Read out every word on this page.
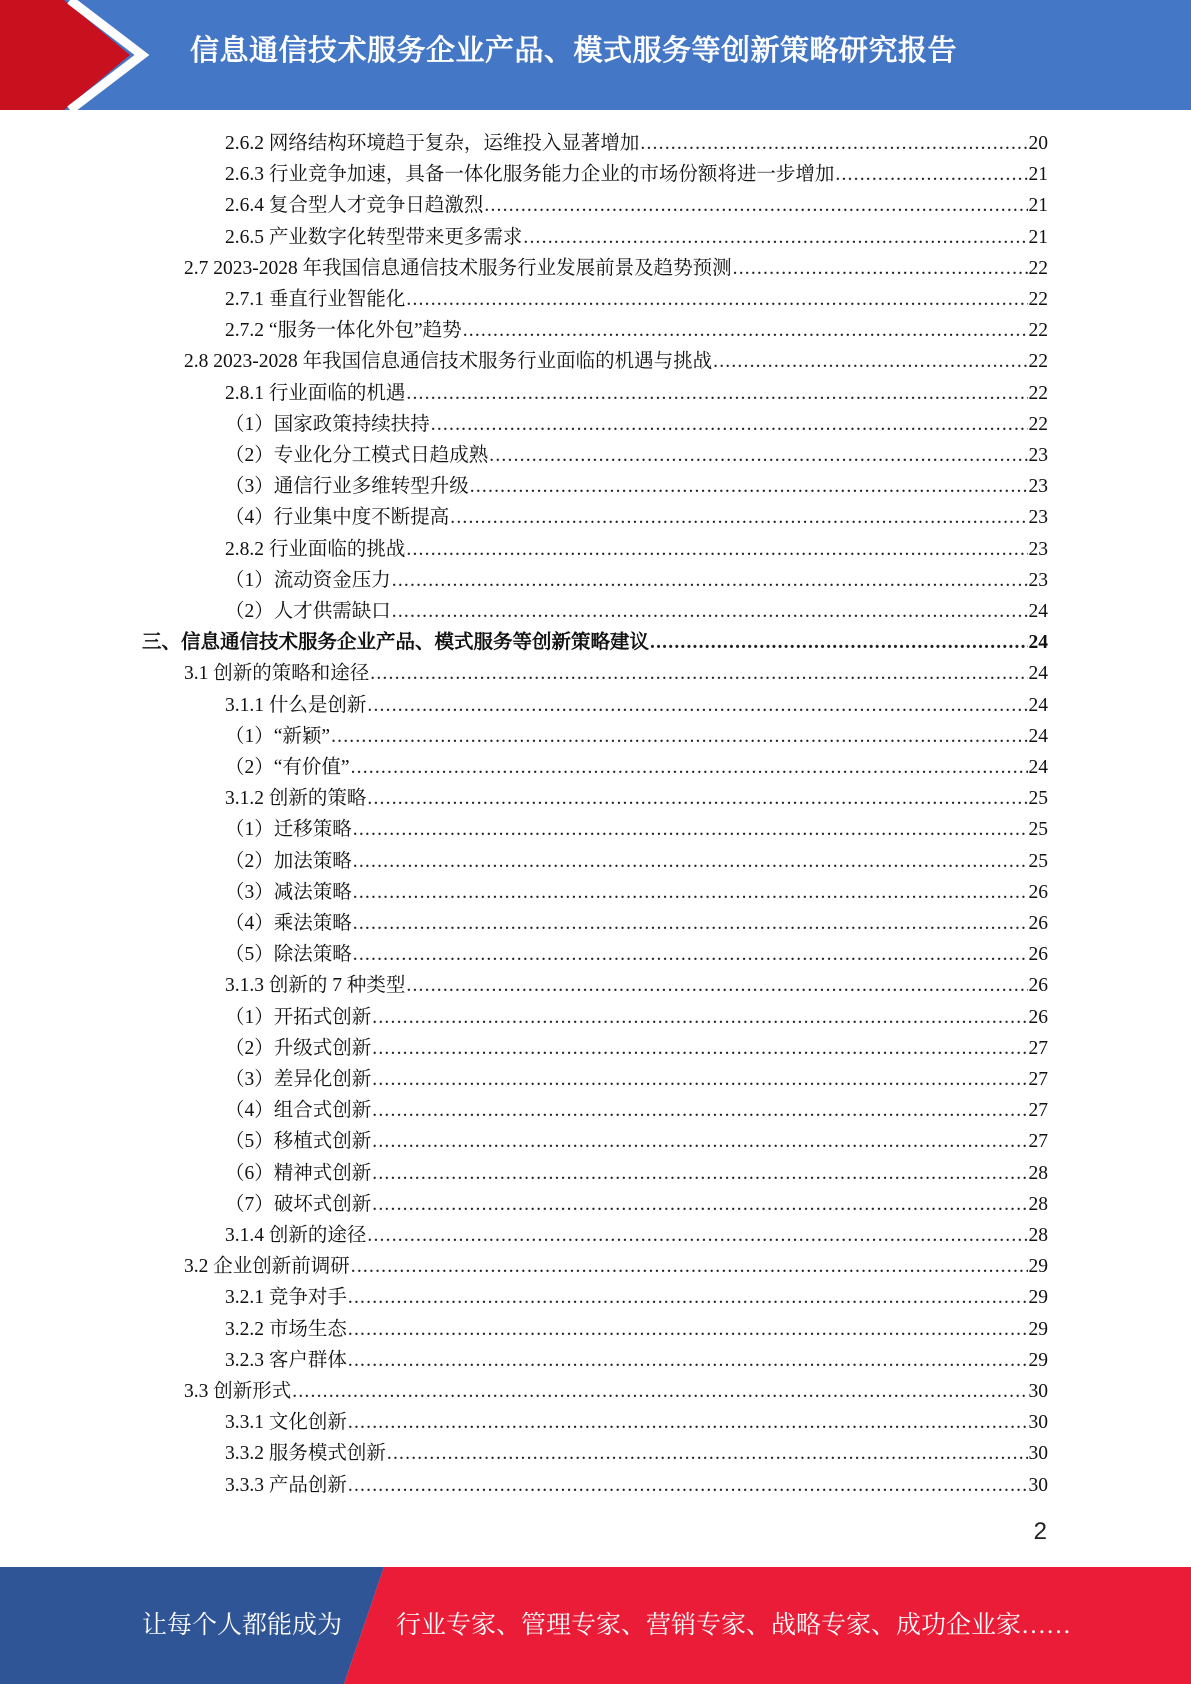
信息通信技术服务企业产品、模式服务等创新策略研究报告
2.6.2 网络结构环境趋于复杂，运维投入显著增加 .....	20
2.6.3 行业竞争加速，具备一体化服务能力企业的市场份额将进一步增加 .....	21
2.6.4 复合型人才竞争日趋激烈 .....	21
2.6.5 产业数字化转型带来更多需求 .....	21
2.7 2023-2028 年我国信息通信技术服务行业发展前景及趋势预测 .....	22
2.7.1 垂直行业智能化 .....	22
2.7.2 “服务一体化外包”趋势 .....	22
2.8 2023-2028 年我国信息通信技术服务行业面临的机遇与挑战 .....	22
2.8.1 行业面临的机遇 .....	22
（1）国家政策持续扶持 .....	22
（2）专业化分工模式日趋成熟 .....	23
（3）通信行业多维转型升级 .....	23
（4）行业集中度不断提高 .....	23
2.8.2 行业面临的挑战 .....	23
（1）流动资金压力 .....	23
（2）人才供需缺口 .....	24
三、信息通信技术服务企业产品、模式服务等创新策略建议 .....	24
3.1 创新的策略和途径 .....	24
3.1.1 什么是创新 .....	24
（1）“新颖” .....	24
（2）“有价值” .....	24
3.1.2 创新的策略 .....	25
（1）迁移策略 .....	25
（2）加法策略 .....	25
（3）减法策略 .....	26
（4）乘法策略 .....	26
（5）除法策略 .....	26
3.1.3 创新的 7 种类型 .....	26
（1）开拓式创新 .....	26
（2）升级式创新 .....	27
（3）差异化创新 .....	27
（4）组合式创新 .....	27
（5）移植式创新 .....	27
（6）精神式创新 .....	28
（7）破坏式创新 .....	28
3.1.4 创新的途径 .....	28
3.2 企业创新前调研 .....	29
3.2.1 竞争对手 .....	29
3.2.2 市场生态 .....	29
3.2.3 客户群体 .....	29
3.3 创新形式 .....	30
3.3.1 文化创新 .....	30
3.3.2 服务模式创新 .....	30
3.3.3 产品创新 .....	30
2
让每个人都能成为 行业专家、管理专家、营销专家、战略专家、成功企业家……
